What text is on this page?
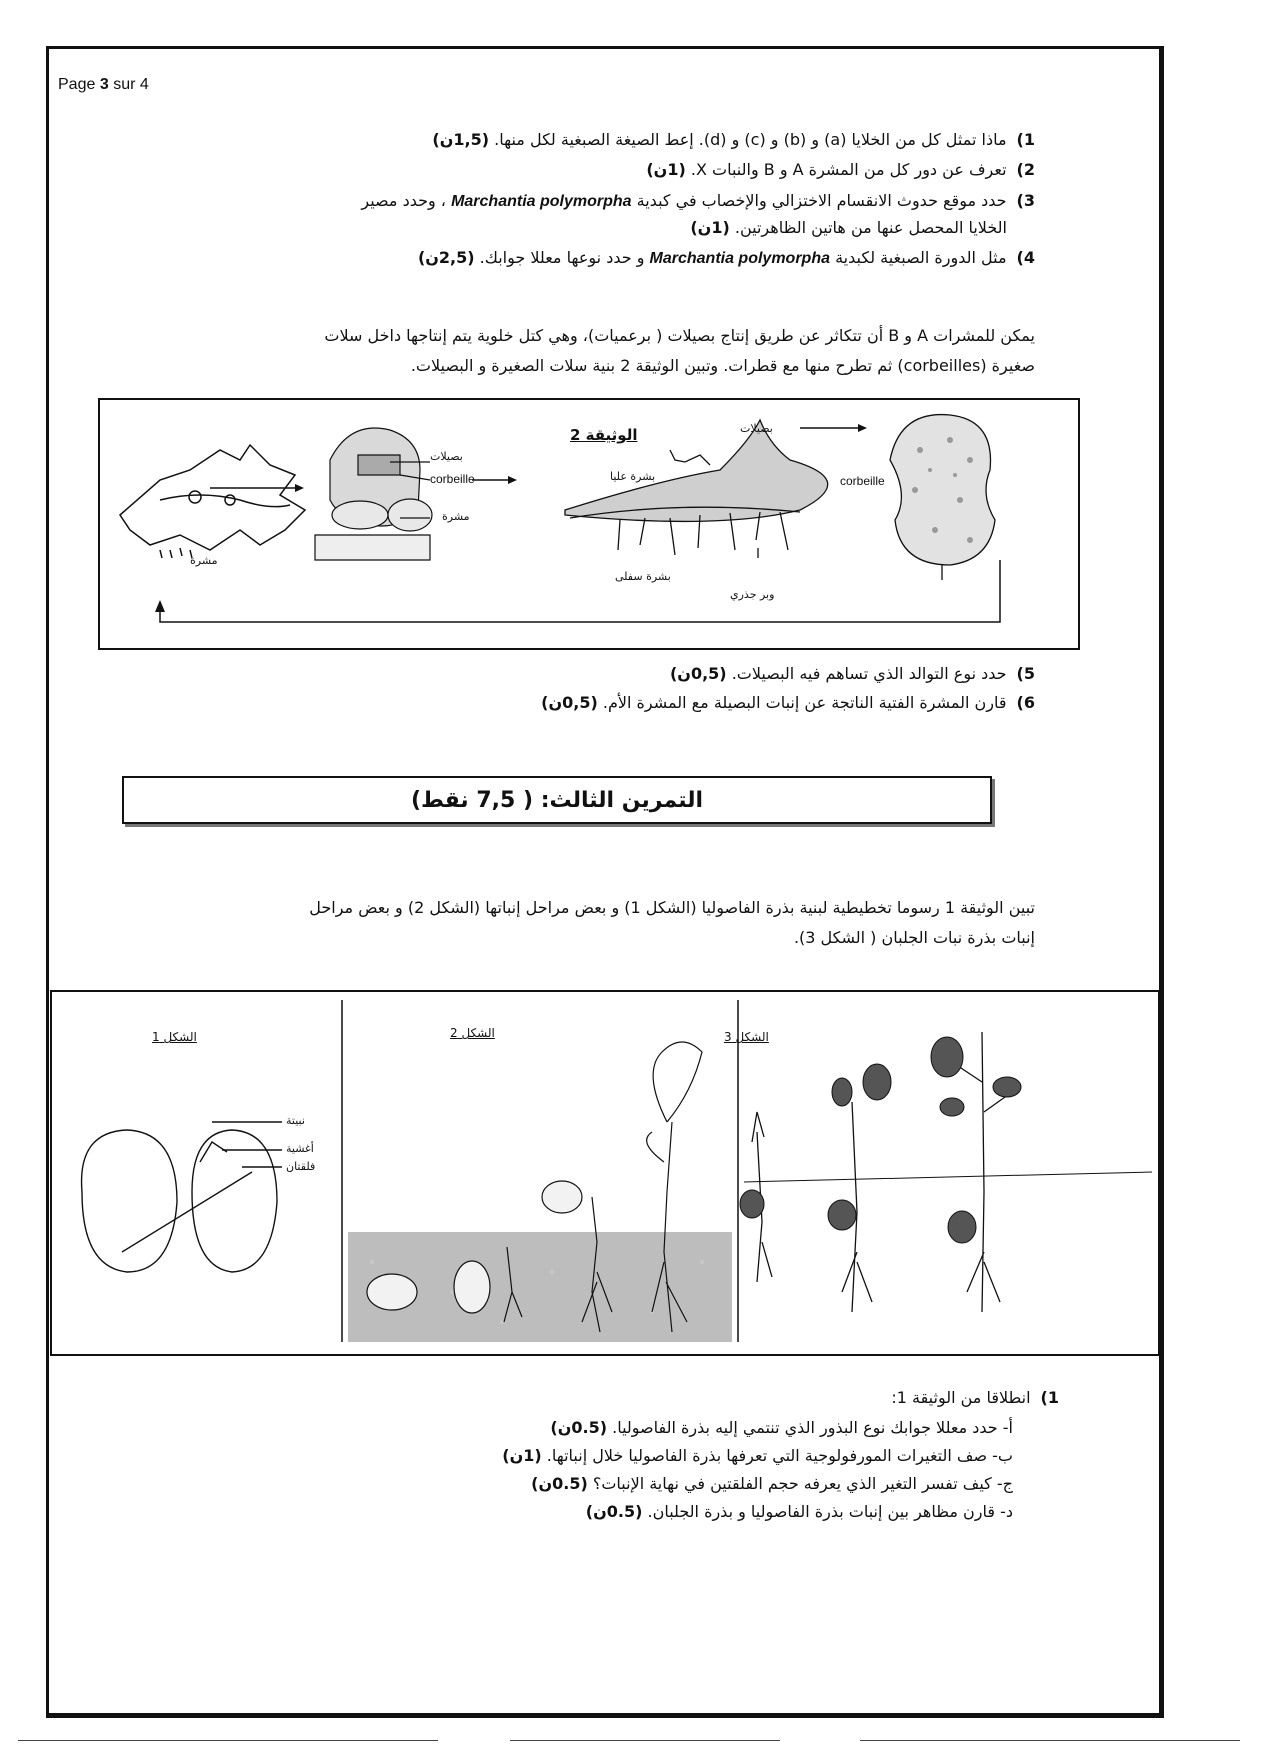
Page 3 sur 4
1)ماذا تمثل كل من الخلايا (a) و (b) و (c) و (d). إعط الصيغة الصبغية لكل منها. (1,5ن)
2)تعرف عن دور كل من المشرة A و B والنبات X. (1ن)
3)حدد موقع حدوث الانقسام الاختزالي والإخصاب في كبدية Marchantia polymorpha ، وحدد مصير
الخلايا المحصل عنها من هاتين الظاهرتين. (1ن)
4)مثل الدورة الصبغية لكبدية Marchantia polymorpha و حدد نوعها معللا جوابك. (2,5ن)
يمكن للمشرات A و B أن تتكاثر عن طريق إنتاج بصيلات ( برعميات)، وهي كتل خلوية يتم إنتاجها داخل سلات
صغيرة (corbeilles) ثم تطرح منها مع قطرات. وتبين الوثيقة 2 بنية سلات الصغيرة و البصيلات.
الوثيقة 2
بصيلات
corbeille
مشرة
مشرة
بشرة عليا
بشرة سفلى
وبر جذري
بصيلات
corbeille
5)حدد نوع التوالد الذي تساهم فيه البصيلات. (0,5ن)
6)قارن المشرة الفتية الناتجة عن إنبات البصيلة مع المشرة الأم. (0,5ن)
التمرين الثالث: ( 7,5 نقط)
تبين الوثيقة 1 رسوما تخطيطية لبنية بذرة الفاصوليا (الشكل 1) و بعض مراحل إنباتها (الشكل 2) و بعض مراحل
إنبات بذرة نبات الجلبان ( الشكل 3).
الشكل 1	الشكل 2	الشكل 3
نبيتة
أغشية
فلقتان
1)انطلاقا من الوثيقة 1:
أ- حدد معللا جوابك نوع البذور الذي تنتمي إليه بذرة الفاصوليا. (0.5ن)
ب- صف التغيرات المورفولوجية التي تعرفها بذرة الفاصوليا خلال إنباتها. (1ن)
ج- كيف تفسر التغير الذي يعرفه حجم الفلقتين في نهاية الإنبات؟ (0.5ن)
د- قارن مظاهر بين إنبات بذرة الفاصوليا و بذرة الجلبان. (0.5ن)
